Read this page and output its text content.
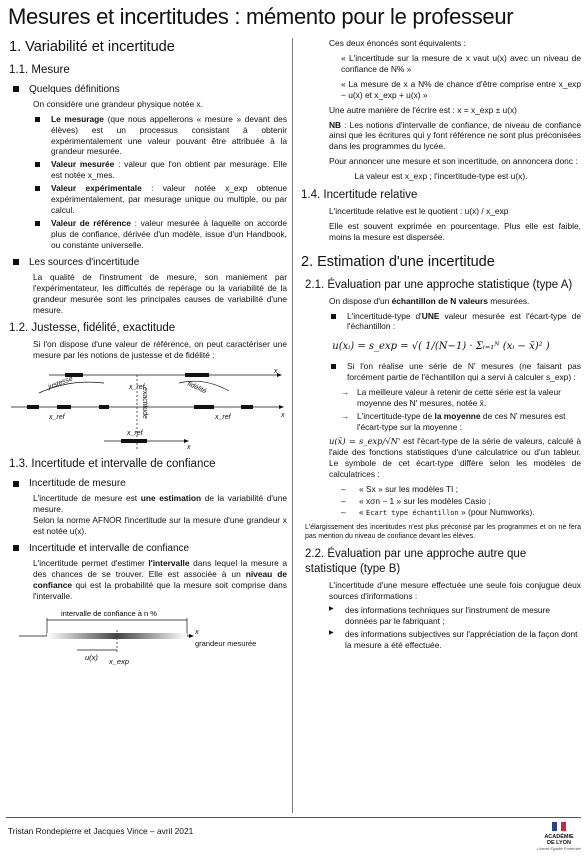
Mesures et incertitudes : mémento pour le professeur
1. Variabilité et incertitude
1.1. Mesure
Quelques définitions

On considère une grandeur physique notée x.

Le mesurage (que nous appellerons « mesure » devant des élèves) est un processus consistant à obtenir expérimentalement une valeur pouvant être attribuée à la grandeur mesurée.
Valeur mesurée : valeur que l'on obtient par mesurage. Elle est notée x_mes.
Valeur expérimentale : valeur notée x_exp obtenue expérimentalement, par mesurage unique ou multiple, ou par calcul.
Valeur de référence : valeur mesurée à laquelle on accorde plus de confiance, dérivée d'un modèle, issue d'un Handbook, ou constante universelle.
Les sources d'incertitude

La qualité de l'instrument de mesure, son maniement par l'expérimentateur, les difficultés de repérage ou la variabilité de la grandeur mesurée sont les principales causes de variabilité d'une mesure.

1.2. Justesse, fidélité, exactitude

Si l'on dispose d'une valeur de référence, on peut caractériser une mesure par les notions de justesse et de fidélité :

justesse	fidélité
exactitude
x
x
x
x_ref
x_ref	x_ref
x_ref
1.3. Incertitude et intervalle de confiance
Incertitude de mesure

L'incertitude de mesure est une estimation de la variabilité d'une mesure.
Selon la norme AFNOR l'incertitude sur la mesure d'une grandeur x est notée u(x).

Incertitude et intervalle de confiance

L'incertitude permet d'estimer l'intervalle dans lequel la mesure a des chances de se trouver. Elle est associée à un niveau de confiance qui est la probabilité que la mesure soit comprise dans l'intervalle.

intervalle de confiance à n %
x
grandeur mesurée
u(x) x_exp

Ces deux énoncés sont équivalents :

« L'incertitude sur la mesure de x vaut u(x) avec un niveau de confiance de N% »

« La mesure de x a N% de chance d'être comprise entre x_exp − u(x) et x_exp + u(x) »

Une autre manière de l'écrire est : x = x_exp ± u(x)

NB : Les notions d'intervalle de confiance, de niveau de confiance ainsi que les écritures qui y font référence ne sont plus préconisées dans les programmes du lycée.

Pour annoncer une mesure et son incertitude, on annoncera donc :

La valeur est x_exp ; l'incertitude-type est u(x).
1.4. Incertitude relative

L'incertitude relative est le quotient : u(x) / x_exp

Elle est souvent exprimée en pourcentage. Plus elle est faible, moins la mesure est dispersée.

2. Estimation d'une incertitude
2.1. Évaluation par une approche statistique (type A)

On dispose d'un échantillon de N valeurs mesurées.

L'incertitude-type d'UNE valeur mesurée est l'écart-type de l'échantillon :
u(xᵢ) = s_exp = √( 1/(N−1) · Σᵢ₌₁ᴺ (xᵢ − x̄)² )
Si l'on réalise une série de N' mesures (ne faisant pas forcément partie de l'échantillon qui a servi à calculer s_exp) :
→ La meilleure valeur à retenir de cette série est la valeur moyenne des N' mesures, notée x̄.
→ L'incertitude-type de la moyenne de ces N' mesures est l'écart-type sur la moyenne :

u(x̄) = s_exp/√N' est l'écart-type de la série de valeurs, calculé à l'aide des fonctions statistiques d'une calculatrice ou d'un tableur. Le symbole de cet écart-type diffère selon les modèles de calculatrices :

– « Sx » sur les modèles TI ;
– « xσn − 1 » sur les modèles Casio ;
– « Ecart type échantillon » (pour Numworks).

L'élargissement des incertitudes n'est plus préconisé par les programmes et on ne fera pas mention du niveau de confiance devant les élèves.

2.2. Évaluation par une approche autre que statistique (type B)

L'incertitude d'une mesure effectuée une seule fois conjugue deux sources d'informations :

▶ des informations techniques sur l'instrument de mesure données par le fabriquant ;
▶ des informations subjectives sur l'appréciation de la façon dont la mesure a été effectuée.
Tristan Rondepierre et Jacques Vince – avril 2021
ACADÉMIE
DE LYON
Liberté Égalité Fraternité
